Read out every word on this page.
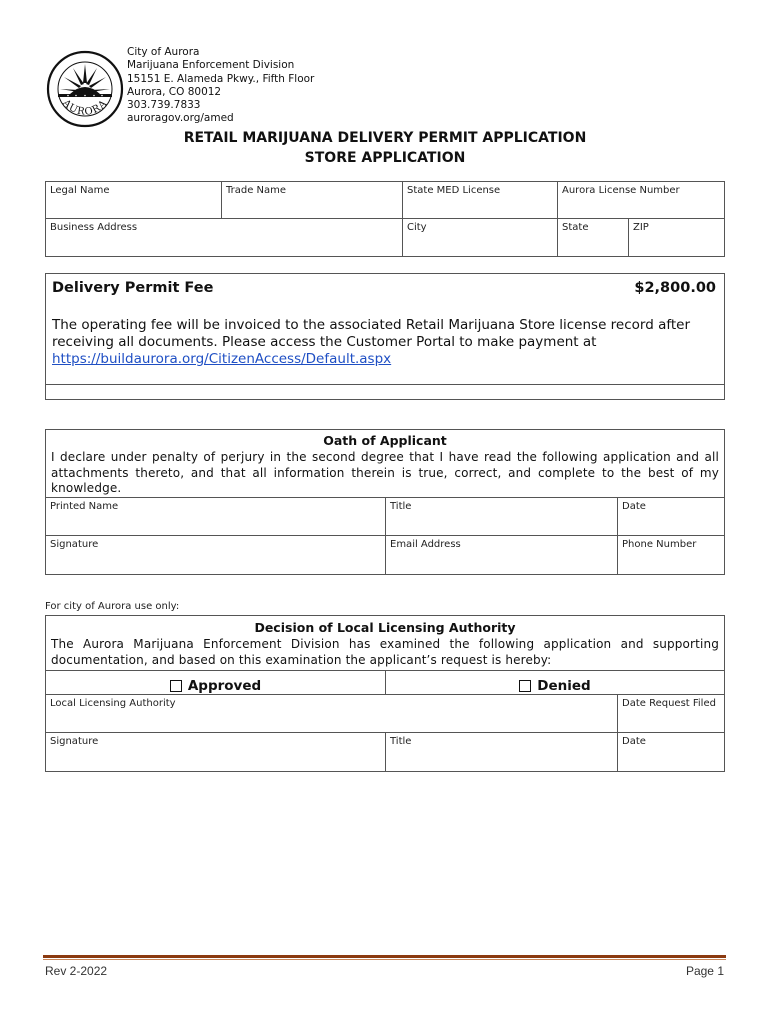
AURORA
City of Aurora
Marijuana Enforcement Division
15151 E. Alameda Pkwy., Fifth Floor
Aurora, CO 80012
303.739.7833
auroragov.org/amed
RETAIL MARIJUANA DELIVERY PERMIT APPLICATION
STORE APPLICATION
Legal Name	Trade Name	State MED License	Aurora License Number
Business Address	City	State	ZIP
Delivery Permit Fee	$2,800.00
The operating fee will be invoiced to the associated Retail Marijuana Store license record after receiving all documents. Please access the Customer Portal to make payment at
https://buildaurora.org/CitizenAccess/Default.aspx
Oath of Applicant
I declare under penalty of perjury in the second degree that I have read the following application and all attachments thereto, and that all information therein is true, correct, and complete to the best of my knowledge.
Printed Name	Title	Date
Signature	Email Address	Phone Number
For city of Aurora use only:
Decision of Local Licensing Authority
The Aurora Marijuana Enforcement Division has examined the following application and supporting documentation, and based on this examination the applicant’s request is hereby:
Approved	Denied
Local Licensing Authority	Date Request Filed
Signature	Title	Date
Rev 2-2022	Page 1
